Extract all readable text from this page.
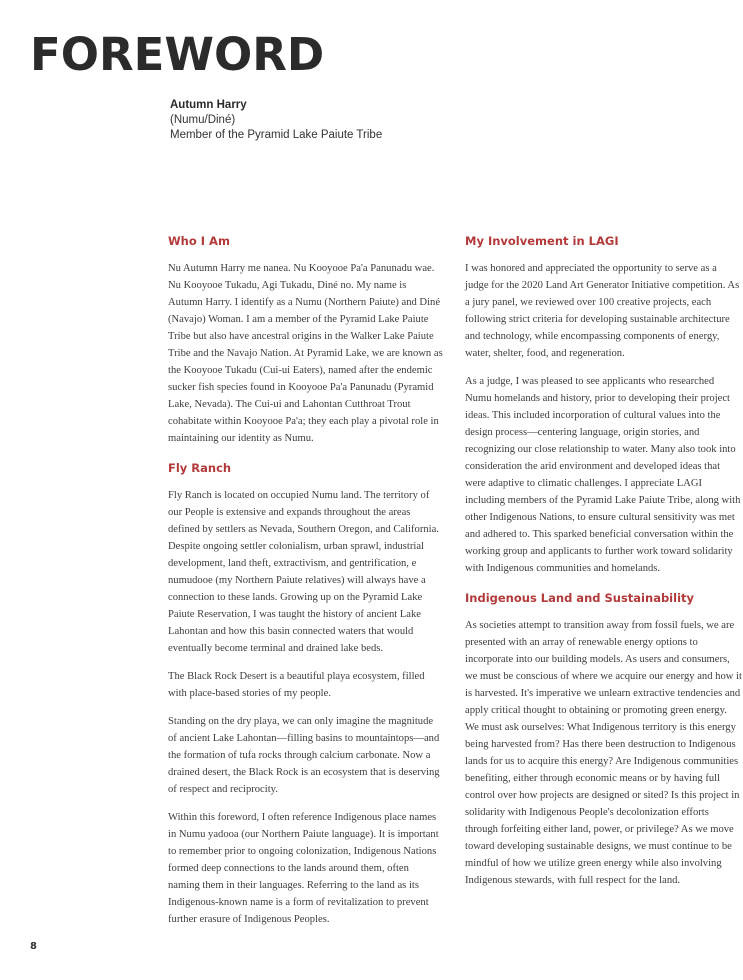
FOREWORD
Autumn Harry
(Numu/Diné)
Member of the Pyramid Lake Paiute Tribe
Who I Am

Nu Autumn Harry me nanea. Nu Kooyooe Pa'a Panunadu wae. Nu Kooyooe Tukadu, Agi Tukadu, Diné no. My name is Autumn Harry. I identify as a Numu (Northern Paiute) and Diné (Navajo) Woman. I am a member of the Pyramid Lake Paiute Tribe but also have ancestral origins in the Walker Lake Paiute Tribe and the Navajo Nation. At Pyramid Lake, we are known as the Kooyooe Tukadu (Cui-ui Eaters), named after the endemic sucker fish species found in Kooyooe Pa'a Panunadu (Pyramid Lake, Nevada). The Cui-ui and Lahontan Cutthroat Trout cohabitate within Kooyooe Pa'a; they each play a pivotal role in maintaining our identity as Numu.

Fly Ranch

Fly Ranch is located on occupied Numu land. The territory of our People is extensive and expands throughout the areas defined by settlers as Nevada, Southern Oregon, and California. Despite ongoing settler colonialism, urban sprawl, industrial development, land theft, extractivism, and gentrification, e numudooe (my Northern Paiute relatives) will always have a connection to these lands. Growing up on the Pyramid Lake Paiute Reservation, I was taught the history of ancient Lake Lahontan and how this basin connected waters that would eventually become terminal and drained lake beds.

The Black Rock Desert is a beautiful playa ecosystem, filled with place-based stories of my people.

Standing on the dry playa, we can only imagine the magnitude of ancient Lake Lahontan—filling basins to mountaintops—and the formation of tufa rocks through calcium carbonate. Now a drained desert, the Black Rock is an ecosystem that is deserving of respect and reciprocity.

Within this foreword, I often reference Indigenous place names in Numu yadooa (our Northern Paiute language). It is important to remember prior to ongoing colonization, Indigenous Nations formed deep connections to the lands around them, often naming them in their languages. Referring to the land as its Indigenous-known name is a form of revitalization to prevent further erasure of Indigenous Peoples.

My Involvement in LAGI

I was honored and appreciated the opportunity to serve as a judge for the 2020 Land Art Generator Initiative competition. As a jury panel, we reviewed over 100 creative projects, each following strict criteria for developing sustainable architecture and technology, while encompassing components of energy, water, shelter, food, and regeneration.

As a judge, I was pleased to see applicants who researched Numu homelands and history, prior to developing their project ideas. This included incorporation of cultural values into the design process—centering language, origin stories, and recognizing our close relationship to water. Many also took into consideration the arid environment and developed ideas that were adaptive to climatic challenges. I appreciate LAGI including members of the Pyramid Lake Paiute Tribe, along with other Indigenous Nations, to ensure cultural sensitivity was met and adhered to. This sparked beneficial conversation within the working group and applicants to further work toward solidarity with Indigenous communities and homelands.

Indigenous Land and Sustainability

As societies attempt to transition away from fossil fuels, we are presented with an array of renewable energy options to incorporate into our building models. As users and consumers, we must be conscious of where we acquire our energy and how it is harvested. It's imperative we unlearn extractive tendencies and apply critical thought to obtaining or promoting green energy. We must ask ourselves: What Indigenous territory is this energy being harvested from? Has there been destruction to Indigenous lands for us to acquire this energy? Are Indigenous communities benefiting, either through economic means or by having full control over how projects are designed or sited? Is this project in solidarity with Indigenous People's decolonization efforts through forfeiting either land, power, or privilege? As we move toward developing sustainable designs, we must continue to be mindful of how we utilize green energy while also involving Indigenous stewards, with full respect for the land.

8
